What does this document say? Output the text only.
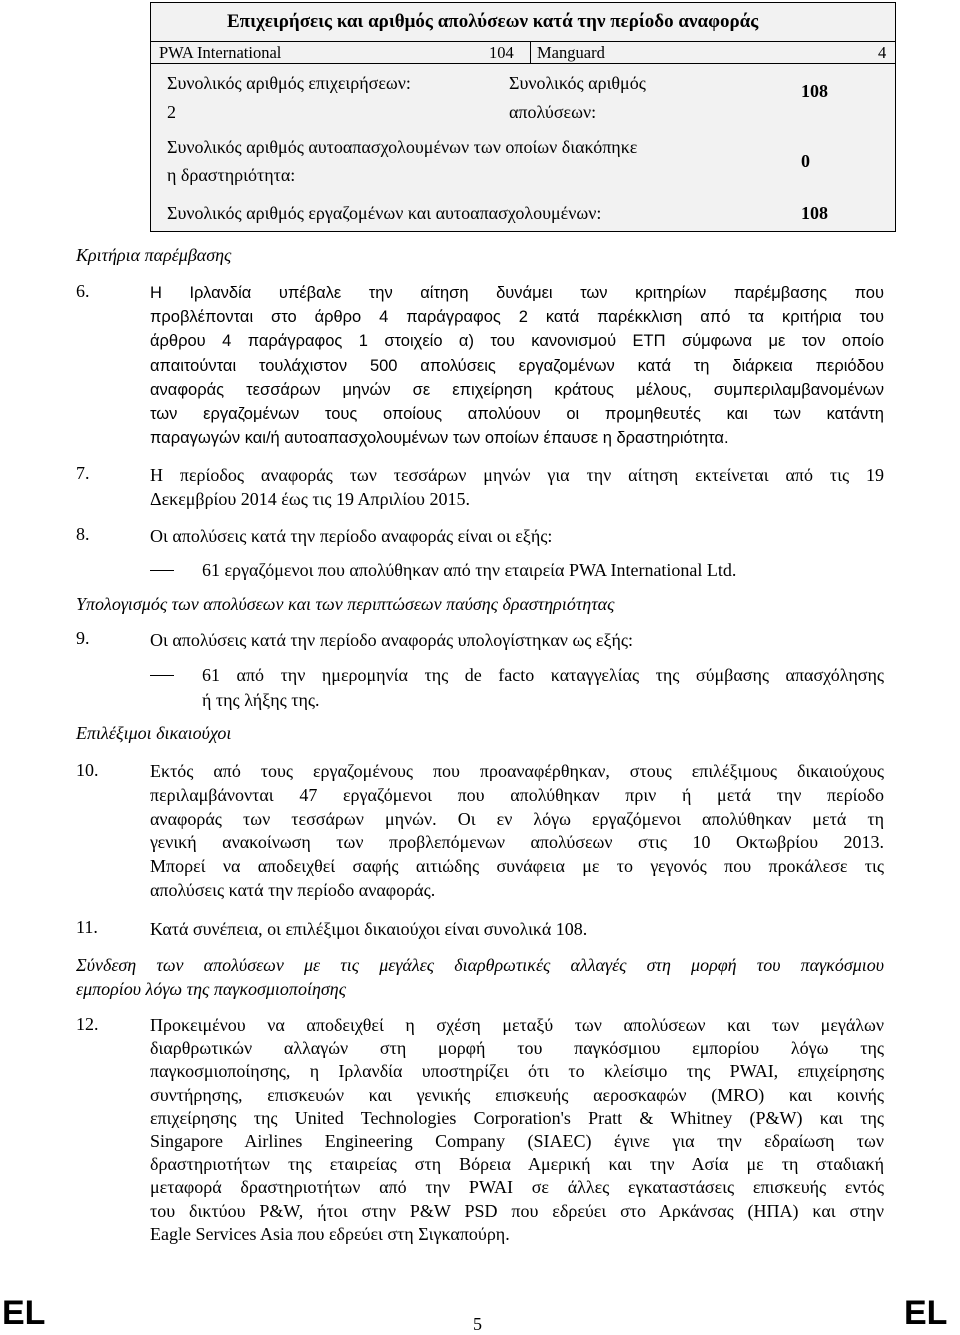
Επιχειρήσεις και αριθμός απολύσεων κατά την περίοδο αναφοράς
PWA International	104 Manguard	4
Συνολικός αριθμός επιχειρήσεων:
2
Συνολικός αριθμός
απολύσεων:
108
Συνολικός αριθμός αυτοαπασχολουμένων των οποίων διακόπηκε
η δραστηριότητα:
0
Συνολικός αριθμός εργαζομένων και αυτοαπασχολουμένων:	108
Κριτήρια παρέμβασης
6.	Η Ιρλανδία υπέβαλε την αίτηση δυνάμει των κριτηρίων παρέμβασης που
προβλέπονται στο άρθρο 4 παράγραφος 2 κατά παρέκκλιση από τα κριτήρια του
άρθρου 4 παράγραφος 1 στοιχείο α) του κανονισμού ΕΤΠ σύμφωνα με τον οποίο
απαιτούνται τουλάχιστον 500 απολύσεις εργαζομένων κατά τη διάρκεια περιόδου
αναφοράς τεσσάρων μηνών σε επιχείρηση κράτους μέλους, συμπεριλαμβανομένων
των εργαζομένων τους οποίους απολύουν οι προμηθευτές και των κατάντη
παραγωγών και/ή αυτοαπασχολουμένων των οποίων έπαυσε η δραστηριότητα.
7.	Η περίοδος αναφοράς των τεσσάρων μηνών για την αίτηση εκτείνεται από τις 19
Δεκεμβρίου 2014 έως τις 19 Απριλίου 2015.
8.	Οι απολύσεις κατά την περίοδο αναφοράς είναι οι εξής:
61 εργαζόμενοι που απολύθηκαν από την εταιρεία PWA International Ltd.
Υπολογισμός των απολύσεων και των περιπτώσεων παύσης δραστηριότητας
9.	Οι απολύσεις κατά την περίοδο αναφοράς υπολογίστηκαν ως εξής:
61 από την ημερομηνία της de facto καταγγελίας της σύμβασης απασχόλησης
ή της λήξης της.
Επιλέξιμοι δικαιούχοι
10.	Εκτός από τους εργαζομένους που προαναφέρθηκαν, στους επιλέξιμους δικαιούχους
περιλαμβάνονται 47 εργαζόμενοι που απολύθηκαν πριν ή μετά την περίοδο
αναφοράς των τεσσάρων μηνών. Οι εν λόγω εργαζόμενοι απολύθηκαν μετά τη
γενική ανακοίνωση των προβλεπόμενων απολύσεων στις 10 Οκτωβρίου 2013.
Μπορεί να αποδειχθεί σαφής αιτιώδης συνάφεια με το γεγονός που προκάλεσε τις
απολύσεις κατά την περίοδο αναφοράς.
11.	Κατά συνέπεια, οι επιλέξιμοι δικαιούχοι είναι συνολικά 108.
Σύνδεση των απολύσεων με τις μεγάλες διαρθρωτικές αλλαγές στη μορφή του παγκόσμιου
εμπορίου λόγω της παγκοσμιοποίησης
12.	Προκειμένου να αποδειχθεί η σχέση μεταξύ των απολύσεων και των μεγάλων
διαρθρωτικών αλλαγών στη μορφή του παγκόσμιου εμπορίου λόγω της
παγκοσμιοποίησης, η Ιρλανδία υποστηρίζει ότι το κλείσιμο της PWAI, επιχείρησης
συντήρησης, επισκευών και γενικής επισκευής αεροσκαφών (MRO) και κοινής
επιχείρησης της United Technologies Corporation's Pratt & Whitney (P&W) και της
Singapore Airlines Engineering Company (SIAEC) έγινε για την εδραίωση των
δραστηριοτήτων της εταιρείας στη Βόρεια Αμερική και την Ασία με τη σταδιακή
μεταφορά δραστηριοτήτων από την PWAI σε άλλες εγκαταστάσεις επισκευής εντός
του δικτύου P&W, ήτοι στην P&W PSD που εδρεύει στο Αρκάνσας (ΗΠΑ) και στην
Eagle Services Asia που εδρεύει στη Σιγκαπούρη.
EL	5	EL
